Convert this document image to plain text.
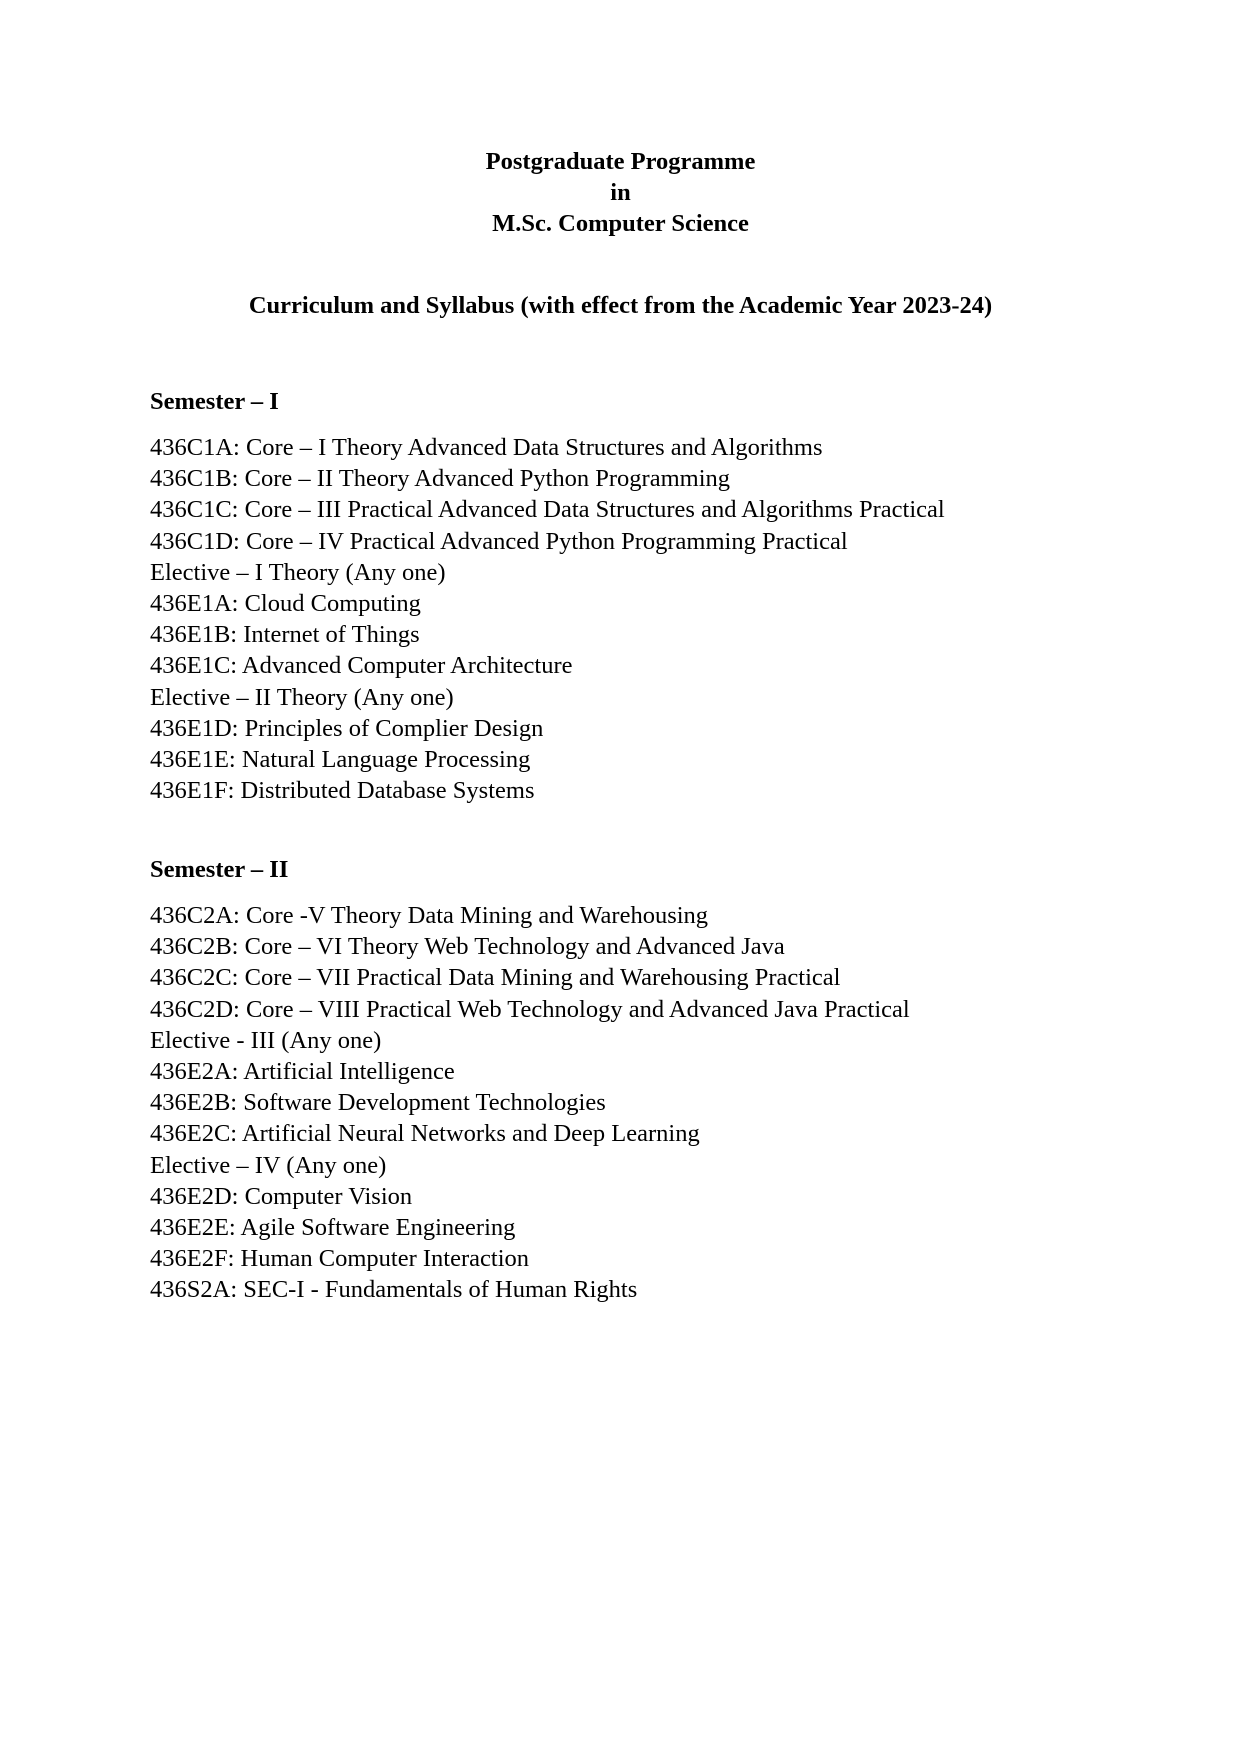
Postgraduate Programme
in
M.Sc. Computer Science
Curriculum and Syllabus (with effect from the Academic Year 2023-24)
Semester – I
436C1A: Core – I Theory Advanced Data Structures and Algorithms
436C1B: Core – II Theory Advanced Python Programming
436C1C: Core – III Practical Advanced Data Structures and Algorithms Practical
436C1D: Core – IV Practical Advanced Python Programming Practical
Elective – I Theory (Any one)
436E1A: Cloud Computing
436E1B: Internet of Things
436E1C: Advanced Computer Architecture
Elective – II Theory (Any one)
436E1D: Principles of Complier Design
436E1E: Natural Language Processing
436E1F: Distributed Database Systems
Semester – II
436C2A: Core -V Theory Data Mining and Warehousing
436C2B: Core – VI Theory Web Technology and Advanced Java
436C2C: Core – VII Practical Data Mining and Warehousing Practical
436C2D: Core – VIII Practical Web Technology and Advanced Java Practical
Elective - III (Any one)
436E2A: Artificial Intelligence
436E2B: Software Development Technologies
436E2C: Artificial Neural Networks and Deep Learning
Elective – IV (Any one)
436E2D: Computer Vision
436E2E: Agile Software Engineering
436E2F: Human Computer Interaction
436S2A: SEC-I - Fundamentals of Human Rights
